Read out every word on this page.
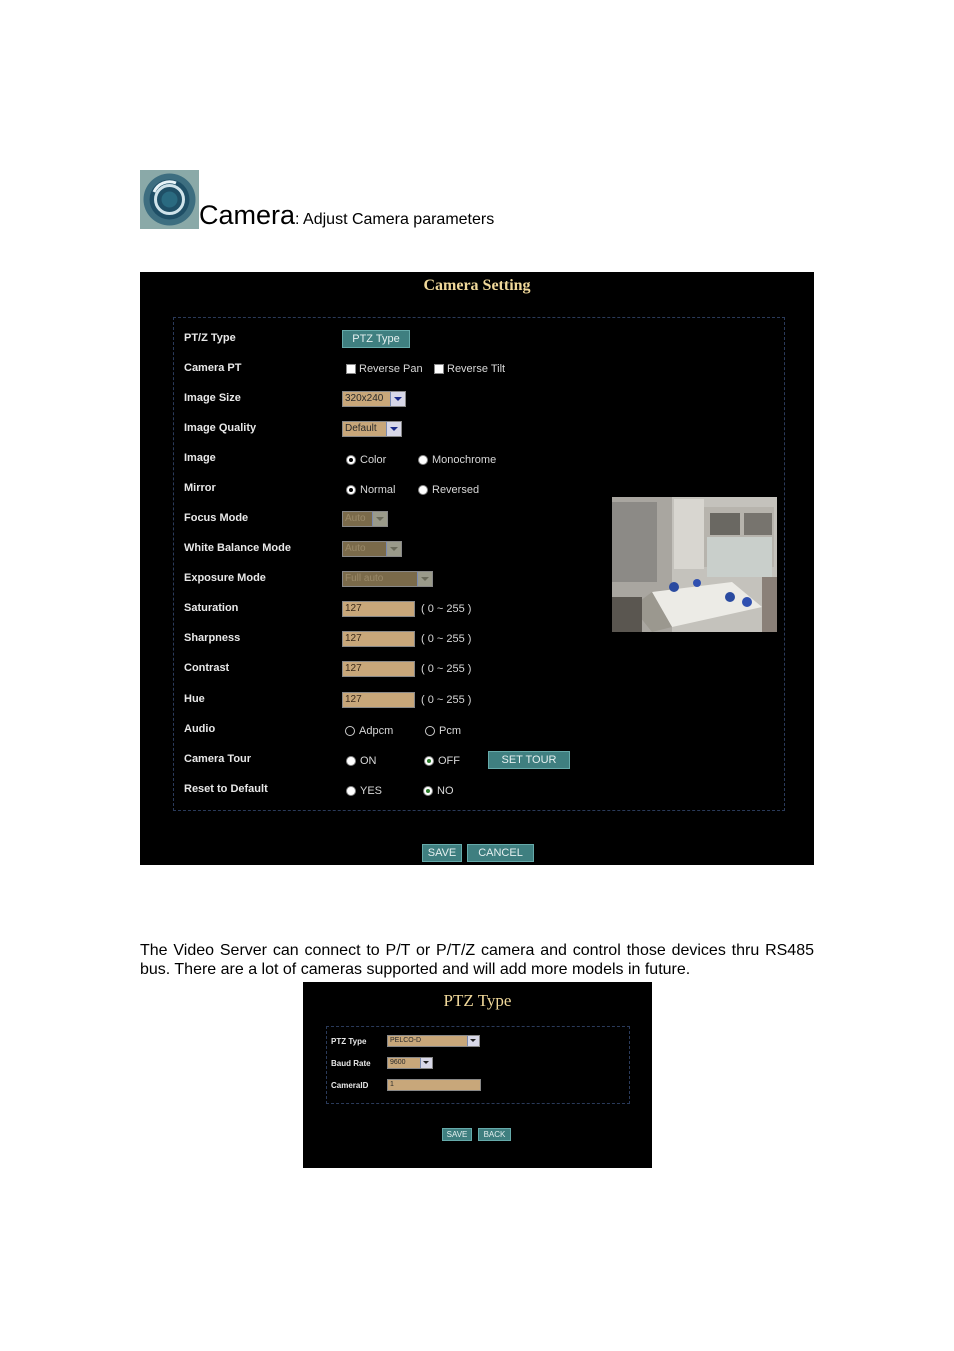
Camera : Adjust Camera parameters
Camera Setting
PT/Z Type	PTZ Type
Camera PT	Reverse Pan Reverse Tilt
Image Size	320x240
Image Quality	Default
Image	Color	Monochrome
Mirror	Normal	Reversed
Focus Mode	Auto
White Balance Mode	Auto
Exposure Mode	Full auto
Saturation	127	( 0 ~ 255 )
Sharpness	127	( 0 ~ 255 )
Contrast	127	( 0 ~ 255 )
Hue	127	( 0 ~ 255 )
Audio	Adpcm	Pcm
Camera Tour	ON	OFF	SET TOUR
Reset to Default	YES	NO
SAVE	CANCEL

The Video Server can connect to P/T or P/T/Z camera and control those devices thru RS485 bus. There are a lot of cameras supported and will add more models in future.

PTZ Type
PTZ Type	PELCO-D
Baud Rate	9600
CameraID	1
SAVE	BACK
